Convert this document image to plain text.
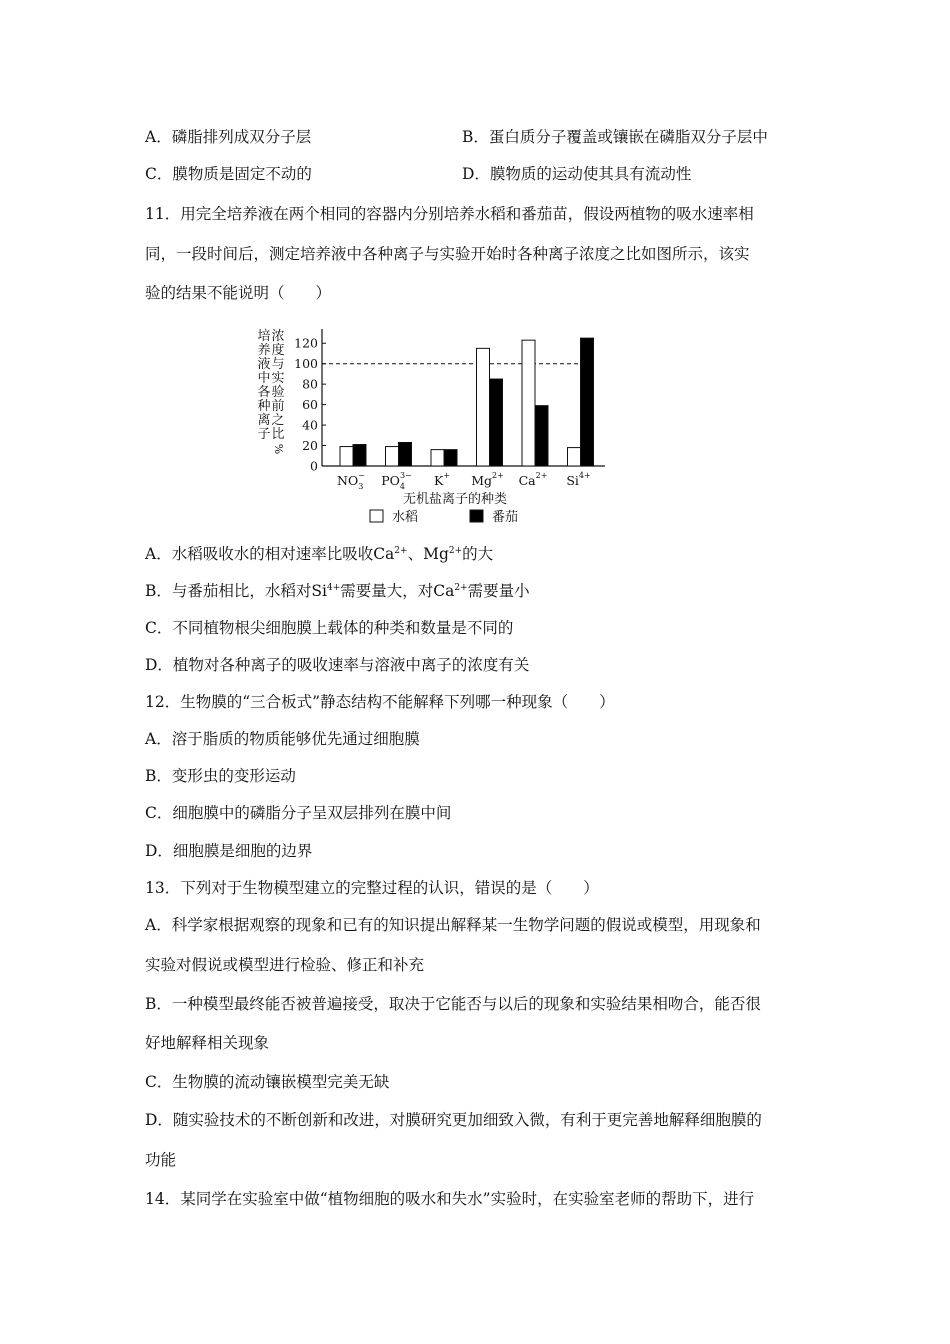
A．磷脂排列成双分子层	B．蛋白质分子覆盖或镶嵌在磷脂双分子层中
C．膜物质是固定不动的	D．膜物质的运动使其具有流动性
11．用完全培养液在两个相同的容器内分别培养水稻和番茄苗，假设两植物的吸水速率相
同，一段时间后，测定培养液中各种离子与实验开始时各种离子浓度之比如图所示，该实
验的结果不能说明（　　）
培
养
液
中
各
种
离
子
浓
度
与
实
验
前
之
比
%
0
20
40
60
80
100
120
$NO_3- PO_43- K^+$ $Mg^{2+}$ $Ca^{2+}$ $Si^{4+}$
无机盐离子的种类
水稻	番茄
A．水稻吸收水的相对速率比吸收$Ca^{2+}$、$Mg^{2+}$的大
B．与番茄相比，水稻对$Si^{4+}$需要量大，对$Ca^{2+}$需要量小
C．不同植物根尖细胞膜上载体的种类和数量是不同的
D．植物对各种离子的吸收速率与溶液中离子的浓度有关
12．生物膜的“三合板式”静态结构不能解释下列哪一种现象（　　）
A．溶于脂质的物质能够优先通过细胞膜
B．变形虫的变形运动
C．细胞膜中的磷脂分子呈双层排列在膜中间
D．细胞膜是细胞的边界
13．下列对于生物模型建立的完整过程的认识，错误的是（　　）
A．科学家根据观察的现象和已有的知识提出解释某一生物学问题的假说或模型，用现象和
实验对假说或模型进行检验、修正和补充
B．一种模型最终能否被普遍接受，取决于它能否与以后的现象和实验结果相吻合，能否很
好地解释相关现象
C．生物膜的流动镶嵌模型完美无缺
D．随实验技术的不断创新和改进，对膜研究更加细致入微，有利于更完善地解释细胞膜的
功能
14．某同学在实验室中做“植物细胞的吸水和失水”实验时，在实验室老师的帮助下，进行
